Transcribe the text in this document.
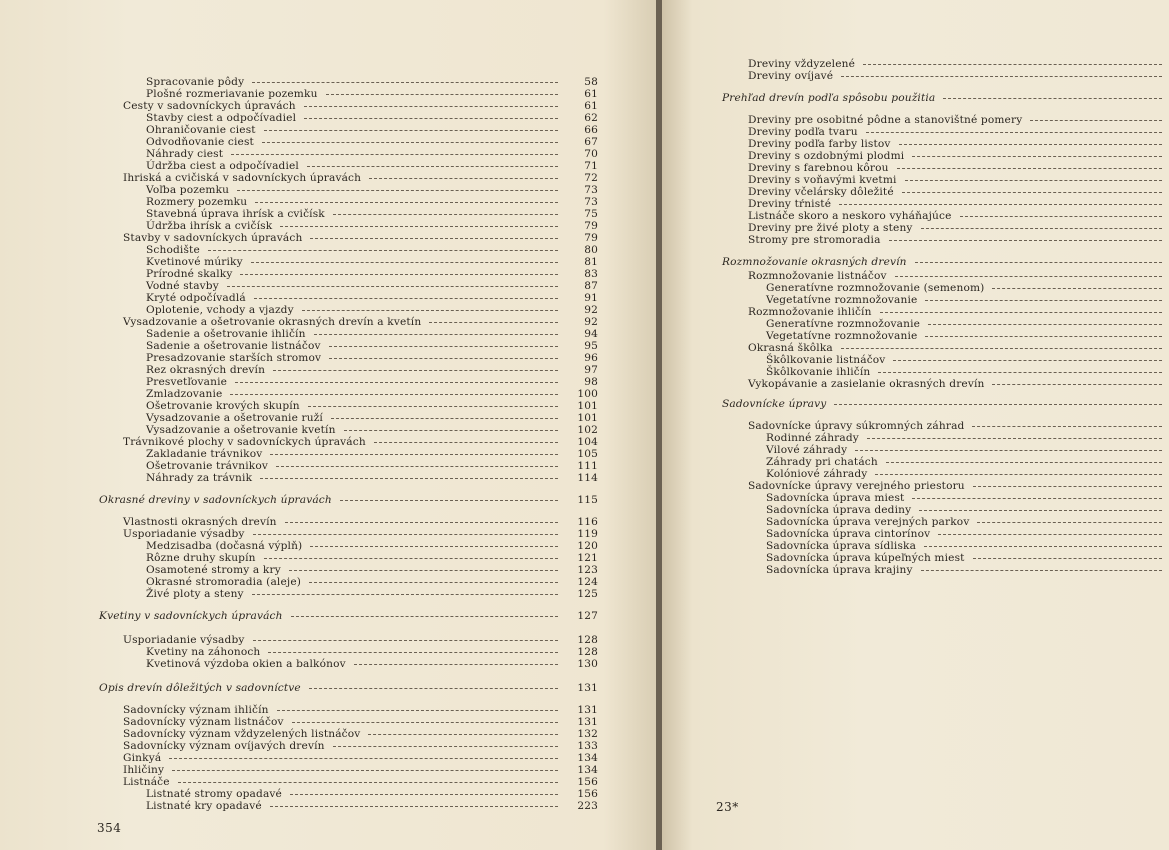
Spracovanie pôdy	58
Plošné rozmeriavanie pozemku	61
Cesty v sadovníckych úpravách	61
Stavby ciest a odpočívadiel	62
Ohraničovanie ciest	66
Odvodňovanie ciest	67
Náhrady ciest	70
Údržba ciest a odpočívadiel	71
Ihriská a cvičiská v sadovníckych úpravách	72
Voľba pozemku	73
Rozmery pozemku	73
Stavebná úprava ihrísk a cvičísk	75
Údržba ihrísk a cvičísk	79
Stavby v sadovníckych úpravách	79
Schodište	80
Kvetinové múriky	81
Prírodné skalky	83
Vodné stavby	87
Kryté odpočívadlá	91
Oplotenie, vchody a vjazdy	92
Vysadzovanie a ošetrovanie okrasných drevín a kvetín	92
Sadenie a ošetrovanie ihličín	94
Sadenie a ošetrovanie listnáčov	95
Presadzovanie starších stromov	96
Rez okrasných drevín	97
Presvetľovanie	98
Zmladzovanie	100
Ošetrovanie krových skupín	101
Vysadzovanie a ošetrovanie ruží	101
Vysadzovanie a ošetrovanie kvetín	102
Trávnikové plochy v sadovníckych úpravách	104
Zakladanie trávnikov	105
Ošetrovanie trávnikov	111
Náhrady za trávnik	114
Okrasné dreviny v sadovníckych úpravách	115
Vlastnosti okrasných drevín	116
Usporiadanie výsadby	119
Medzisadba (dočasná výplň)	120
Rôzne druhy skupín	121
Osamotené stromy a kry	123
Okrasné stromoradia (aleje)	124
Živé ploty a steny	125
Kvetiny v sadovníckych úpravách	127
Usporiadanie výsadby	128
Kvetiny na záhonoch	128
Kvetinová výzdoba okien a balkónov	130
Opis drevín dôležitých v sadovníctve	131
Sadovnícky význam ihličín	131
Sadovnícky význam listnáčov	131
Sadovnícky význam vždyzelených listnáčov	132
Sadovnícky význam ovíjavých drevín	133
Ginkyá	134
Ihličiny	134
Listnáče	156
Listnaté stromy opadavé	156
Listnaté kry opadavé	223
354
Dreviny vždyzelené
Dreviny ovíjavé
Prehľad drevín podľa spôsobu použitia
Dreviny pre osobitné pôdne a stanovištné pomery
Dreviny podľa tvaru
Dreviny podľa farby listov
Dreviny s ozdobnými plodmi
Dreviny s farebnou kôrou
Dreviny s voňavými kvetmi
Dreviny včelársky dôležité
Dreviny tŕnisté
Listnáče skoro a neskoro vyháňajúce
Dreviny pre živé ploty a steny
Stromy pre stromoradia
Rozmnožovanie okrasných drevín
Rozmnožovanie listnáčov
Generatívne rozmnožovanie (semenom)
Vegetatívne rozmnožovanie
Rozmnožovanie ihličín
Generatívne rozmnožovanie
Vegetatívne rozmnožovanie
Okrasná škôlka
Škôlkovanie listnáčov
Škôlkovanie ihličín
Vykopávanie a zasielanie okrasných drevín
Sadovnícke úpravy
Sadovnícke úpravy súkromných záhrad
Rodinné záhrady
Vilové záhrady
Záhrady pri chatách
Kolóniové záhrady
Sadovnícke úpravy verejného priestoru
Sadovnícka úprava miest
Sadovnícka úprava dediny
Sadovnícka úprava verejných parkov
Sadovnícka úprava cintorínov
Sadovnícka úprava sídliska
Sadovnícka úprava kúpeľných miest
Sadovnícka úprava krajiny
23*
